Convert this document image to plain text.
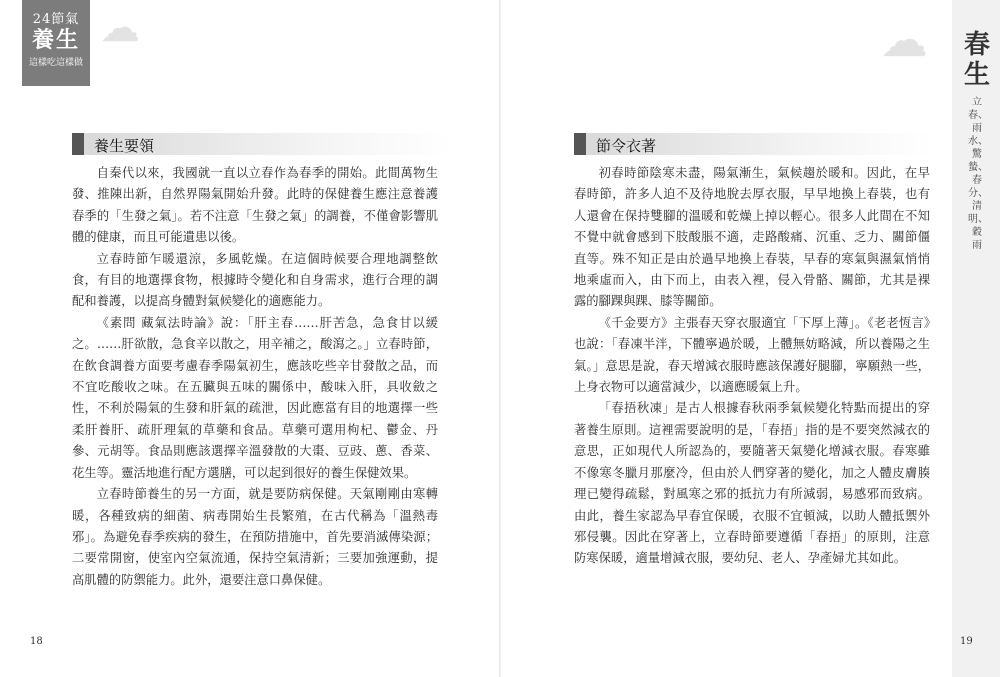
24節氣
養生
這樣吃這樣做
☁	☁ 春生
立春、雨水、驚蟄、春分、清明、穀雨
養生要領

自秦代以來，我國就一直以立春作為春季的開始。此間萬物生發、推陳出新，自然界陽氣開始升發。此時的保健養生應注意養護春季的「生發之氣」。若不注意「生發之氣」的調養，不僅會影響肌體的健康，而且可能遺患以後。

立春時節乍暖還涼，多風乾燥。在這個時候要合理地調整飲食，有目的地選擇食物，根據時令變化和自身需求，進行合理的調配和養護，以提高身體對氣候變化的適應能力。

《素問 藏氣法時論》說：「肝主春……肝苦急，急食甘以緩之。……肝欲散，急食辛以散之，用辛補之，酸瀉之。」立春時節，在飲食調養方面要考慮春季陽氣初生，應該吃些辛甘發散之品，而不宜吃酸收之味。在五臟與五味的關係中，酸味入肝，具收斂之性，不利於陽氣的生發和肝氣的疏泄，因此應當有目的地選擇一些柔肝養肝、疏肝理氣的草藥和食品。草藥可選用枸杞、鬱金、丹參、元胡等。食品則應該選擇辛溫發散的大棗、豆豉、蔥、香菜、花生等。靈活地進行配方選膳，可以起到很好的養生保健效果。

立春時節養生的另一方面，就是要防病保健。天氣剛剛由寒轉暖，各種致病的細菌、病毒開始生長繁殖，在古代稱為「溫熱毒邪」。為避免春季疾病的發生，在預防措施中，首先要消滅傳染源；二要常開窗，使室內空氣流通，保持空氣清新；三要加強運動，提高肌體的防禦能力。此外，還要注意口鼻保健。

18
節令衣著

初春時節陰寒未盡，陽氣漸生，氣候趨於暖和。因此，在早春時節，許多人迫不及待地脫去厚衣服，早早地換上春裝，也有人還會在保持雙腳的溫暖和乾燥上掉以輕心。很多人此間在不知不覺中就會感到下肢酸脹不適，走路酸痛、沉重、乏力、關節僵直等。殊不知正是由於過早地換上春裝，早春的寒氣與濕氣悄悄地乘虛而入，由下而上，由表入裡，侵入骨骼、關節，尤其是裸露的腳踝與踝、膝等關節。

《千金要方》主張春天穿衣服適宜「下厚上薄」。《老老恆言》也說：「春凍半泮，下體寧過於暖，上體無妨略減，所以養陽之生氣。」意思是說，春天增減衣服時應該保護好腿腳，寧願熱一些，上身衣物可以適當減少，以適應暖氣上升。

「春捂秋凍」是古人根據春秋兩季氣候變化特點而提出的穿著養生原則。這裡需要說明的是，「春捂」指的是不要突然減衣的意思，正如現代人所認為的，要隨著天氣變化增減衣服。春寒雖不像寒冬臘月那麼冷，但由於人們穿著的變化，加之人體皮膚腠理已變得疏鬆，對風寒之邪的抵抗力有所減弱，易感邪而致病。由此，養生家認為早春宜保暖，衣服不宜頓減，以助人體抵禦外邪侵襲。因此在穿著上，立春時節要遵循「春捂」的原則，注意防寒保暖，適量增減衣服，要幼兒、老人、孕產婦尤其如此。

19
